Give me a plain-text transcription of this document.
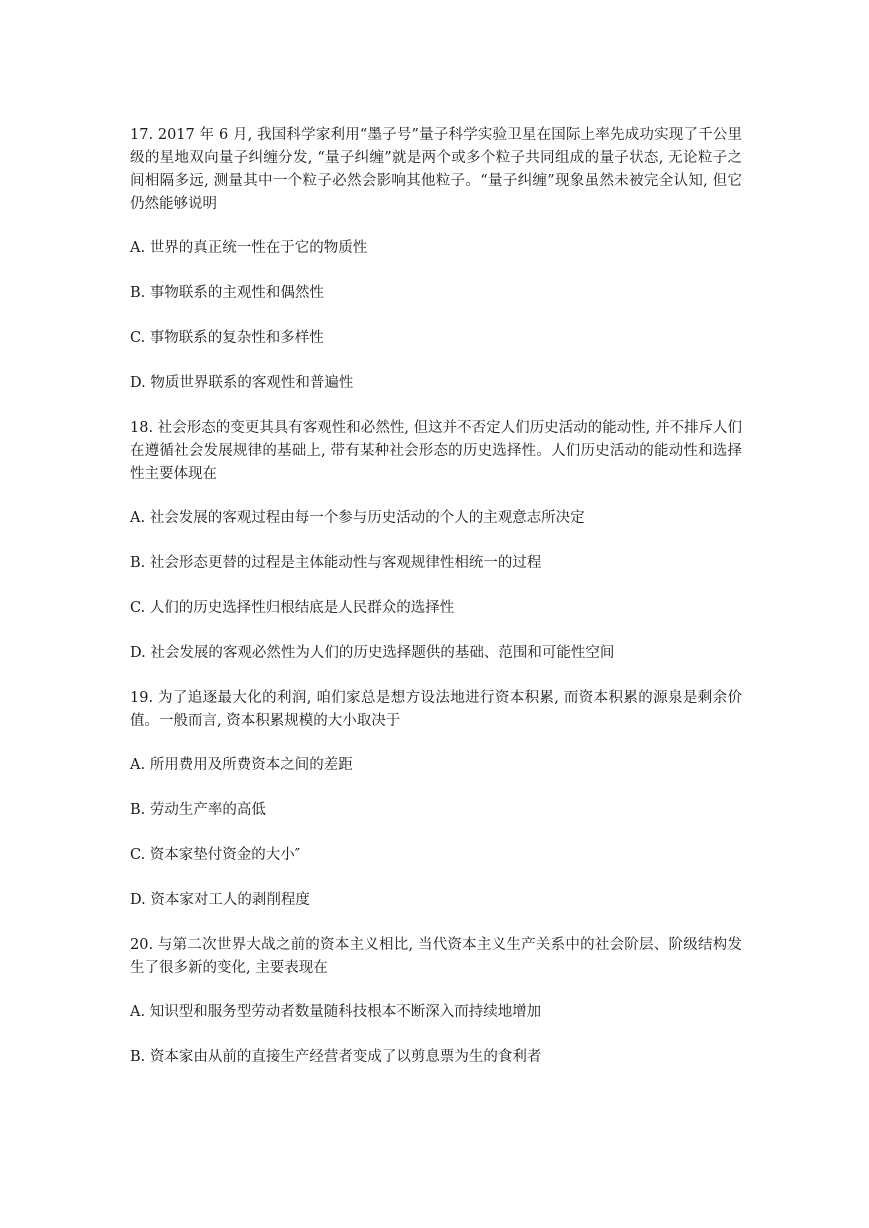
17. 2017 年 6 月, 我国科学家利用“墨子号”量子科学实验卫星在国际上率先成功实现了千公里级的星地双向量子纠缠分发, “量子纠缠”就是两个或多个粒子共同组成的量子状态, 无论粒子之间相隔多远, 测量其中一个粒子必然会影响其他粒子。“量子纠缠”现象虽然未被完全认知, 但它仍然能够说明

A. 世界的真正统一性在于它的物质性
B. 事物联系的主观性和偶然性
C. 事物联系的复杂性和多样性
D. 物质世界联系的客观性和普遍性

18. 社会形态的变更其具有客观性和必然性, 但这并不否定人们历史活动的能动性, 并不排斥人们在遵循社会发展规律的基础上, 带有某种社会形态的历史选择性。人们历史活动的能动性和选择性主要体现在

A. 社会发展的客观过程由每一个参与历史活动的个人的主观意志所决定
B. 社会形态更替的过程是主体能动性与客观规律性相统一的过程
C. 人们的历史选择性归根结底是人民群众的选择性
D. 社会发展的客观必然性为人们的历史选择题供的基础、范围和可能性空间

19. 为了追逐最大化的利润, 咱们家总是想方设法地进行资本积累, 而资本积累的源泉是剩余价值。一般而言, 资本积累规模的大小取决于

A. 所用费用及所费资本之间的差距
B. 劳动生产率的高低
C. 资本家垫付资金的大小″
D. 资本家对工人的剥削程度

20. 与第二次世界大战之前的资本主义相比, 当代资本主义生产关系中的社会阶层、阶级结构发生了很多新的变化, 主要表现在

A. 知识型和服务型劳动者数量随科技根本不断深入而持续地增加
B. 资本家由从前的直接生产经营者变成了以剪息票为生的食利者
